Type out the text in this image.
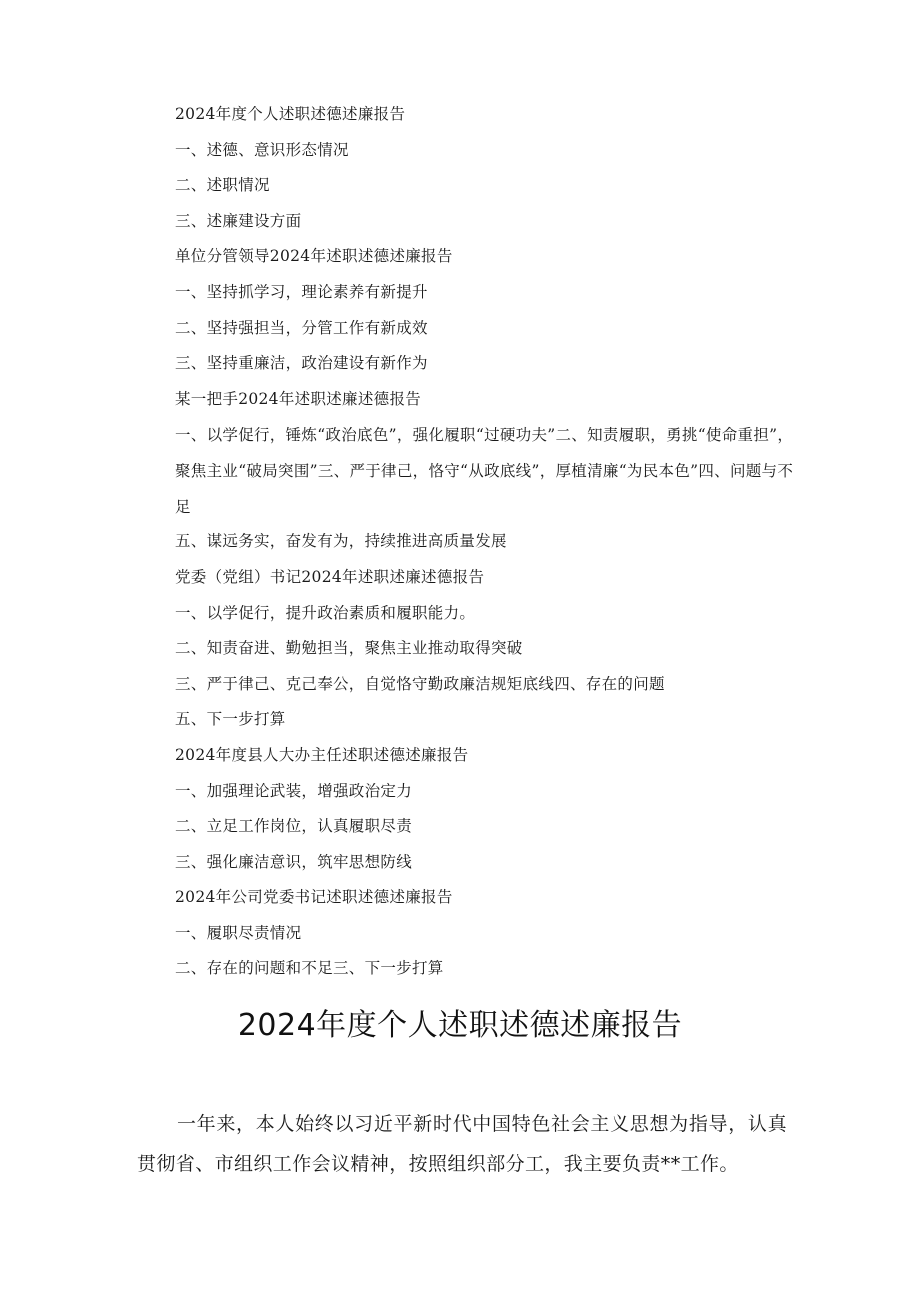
2024年度个人述职述德述廉报告
一、述德、意识形态情况
二、述职情况
三、述廉建设方面
单位分管领导2024年述职述德述廉报告
一、坚持抓学习，理论素养有新提升
二、坚持强担当，分管工作有新成效
三、坚持重廉洁，政治建设有新作为
某一把手2024年述职述廉述德报告
一、以学促行，锤炼“政治底色”，强化履职“过硬功夫”二、知责履职，勇挑“使命重担”，聚焦主业“破局突围”三、严于律己，恪守“从政底线”，厚植清廉“为民本色”四、问题与不足
五、谋远务实，奋发有为，持续推进高质量发展
党委（党组）书记2024年述职述廉述德报告
一、以学促行，提升政治素质和履职能力。
二、知责奋进、勤勉担当，聚焦主业推动取得突破
三、严于律己、克己奉公，自觉恪守勤政廉洁规矩底线四、存在的问题
五、下一步打算
2024年度县人大办主任述职述德述廉报告
一、加强理论武装，增强政治定力
二、立足工作岗位，认真履职尽责
三、强化廉洁意识，筑牢思想防线
2024年公司党委书记述职述德述廉报告
一、履职尽责情况
二、存在的问题和不足三、下一步打算
2024年度个人述职述德述廉报告

一年来，本人始终以习近平新时代中国特色社会主义思想为指导，认真贯彻省、市组织工作会议精神，按照组织部分工，我主要负责**工作。
